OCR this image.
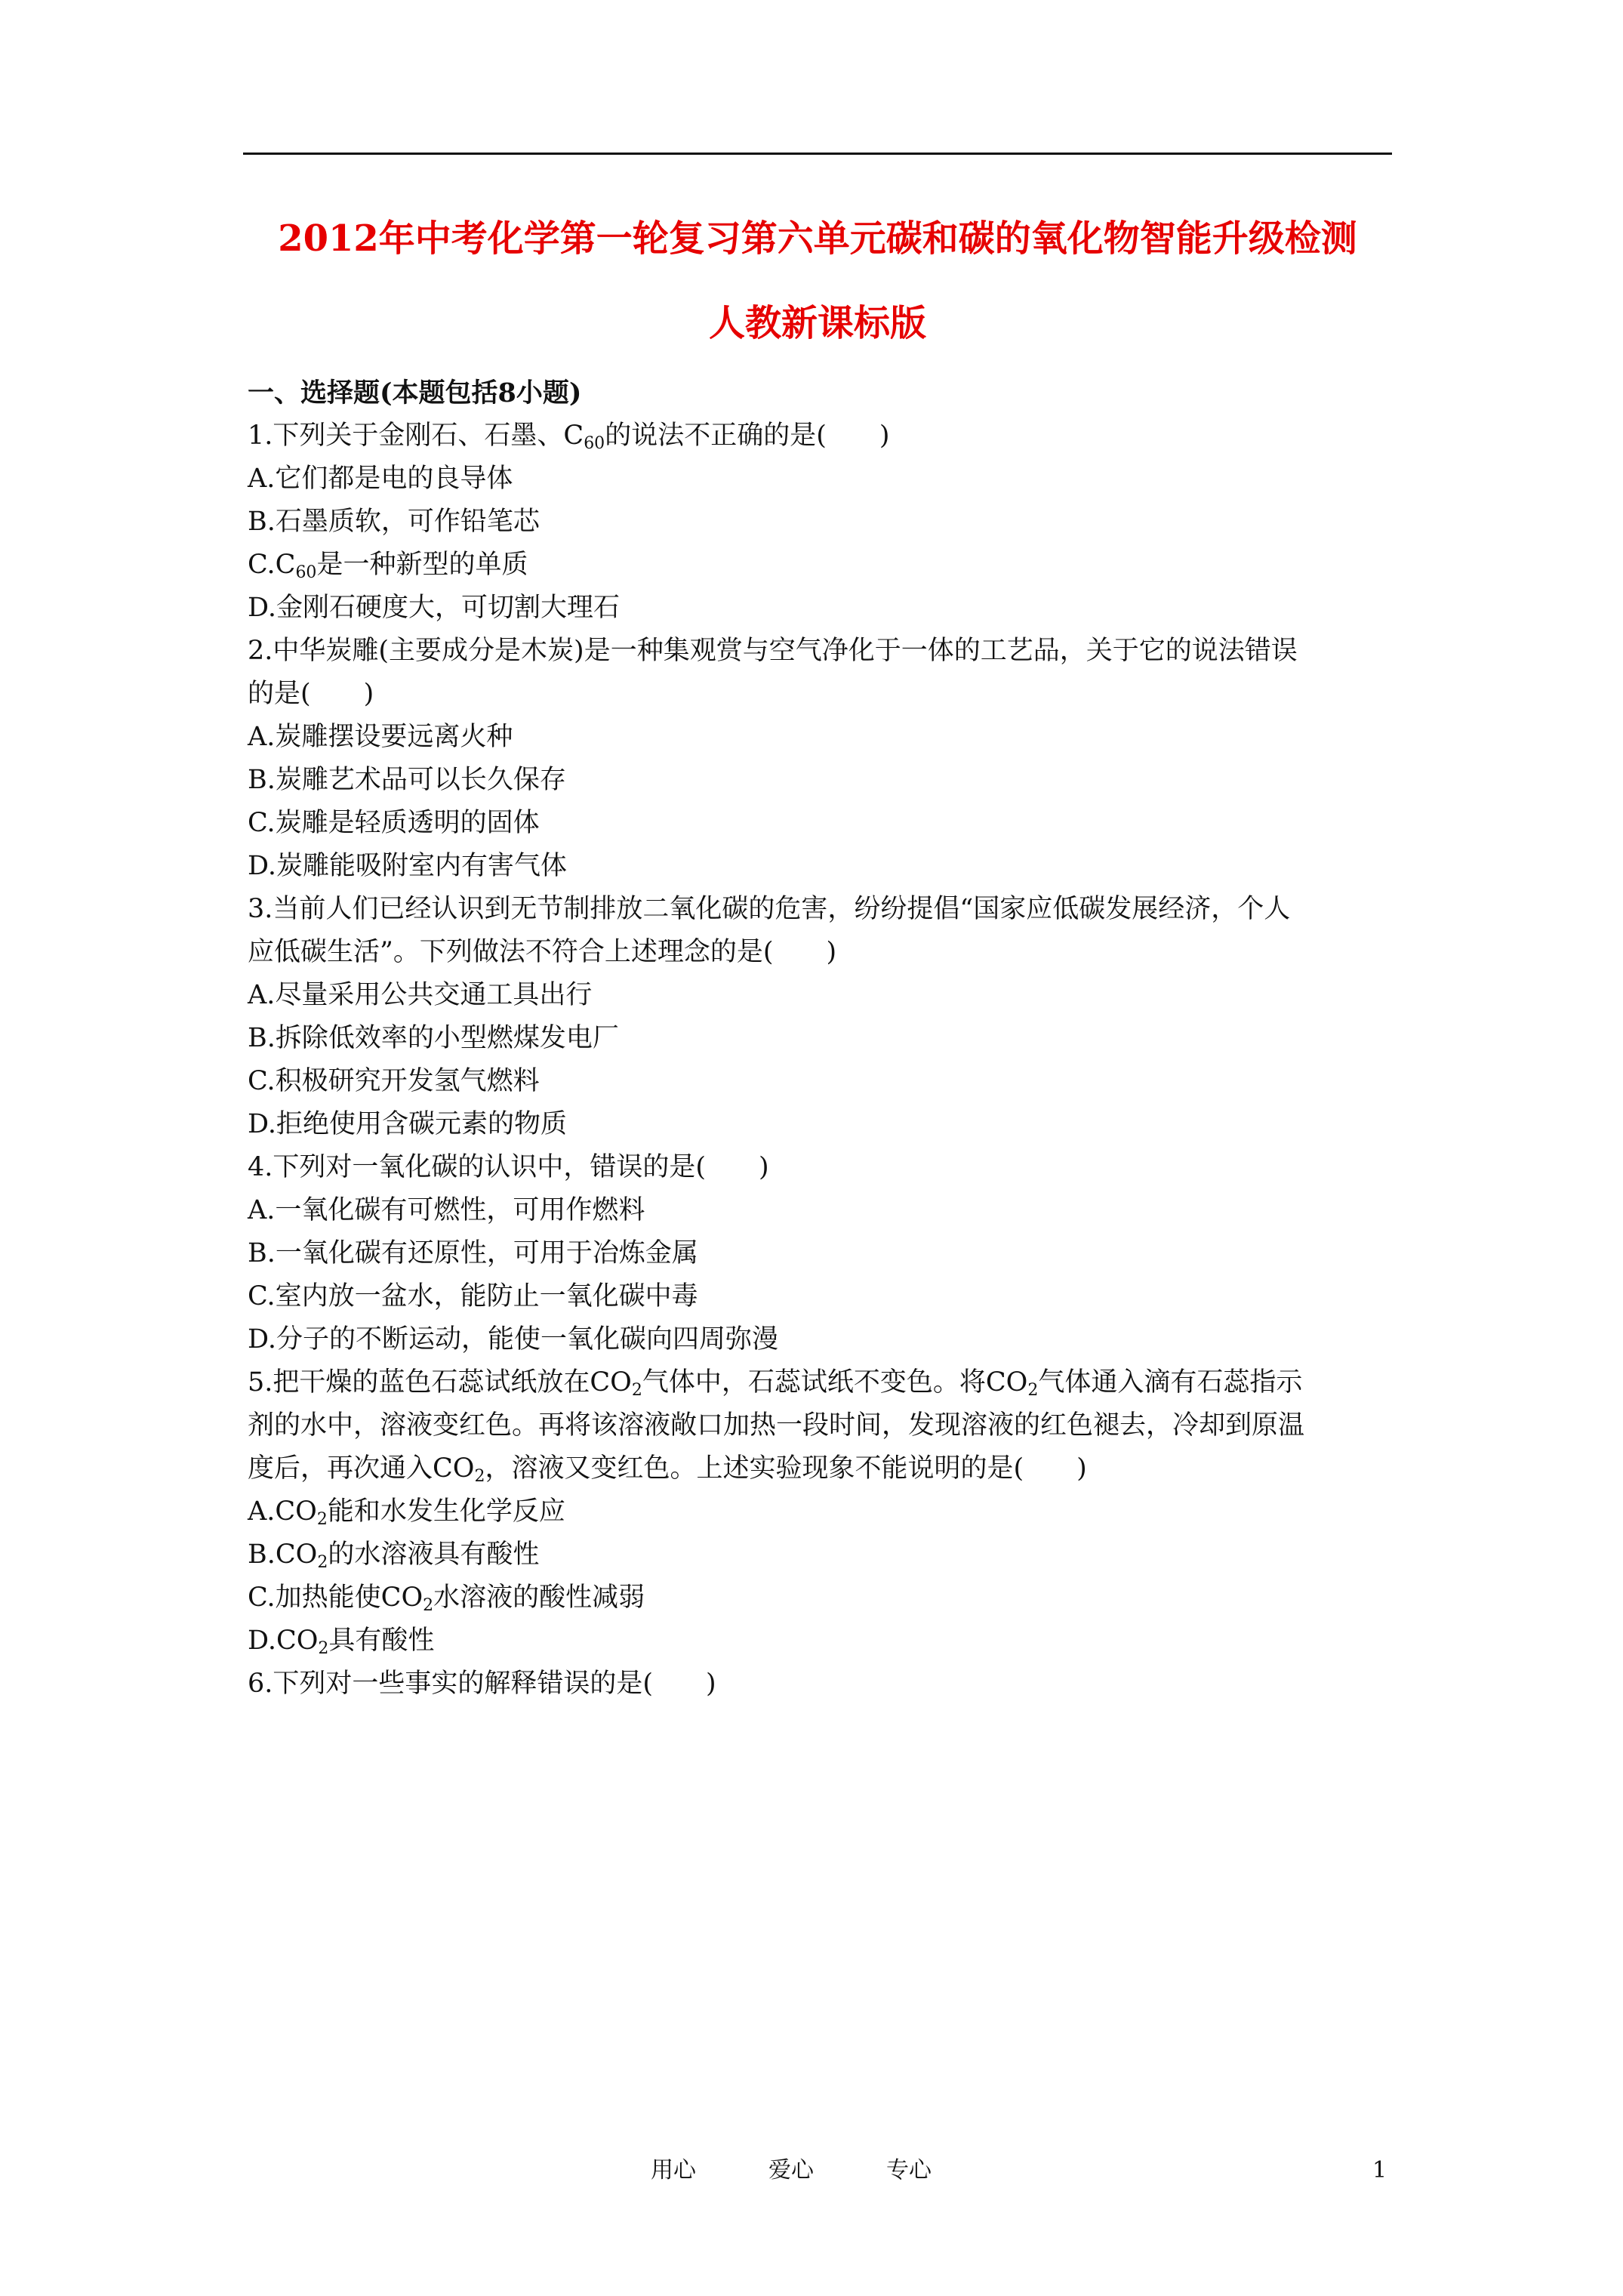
2012年中考化学第一轮复习第六单元碳和碳的氧化物智能升级检测
人教新课标版
一、选择题(本题包括8小题)
1.下列关于金刚石、石墨、$C_{60}$的说法不正确的是(　　)
A.它们都是电的良导体
B.石墨质软，可作铅笔芯
$C.C_{60}$是一种新型的单质
D.金刚石硬度大，可切割大理石
2.中华炭雕(主要成分是木炭)是一种集观赏与空气净化于一体的工艺品，关于它的说法错误
的是(　　)
A.炭雕摆设要远离火种
B.炭雕艺术品可以长久保存
C.炭雕是轻质透明的固体
D.炭雕能吸附室内有害气体
3.当前人们已经认识到无节制排放二氧化碳的危害，纷纷提倡“国家应低碳发展经济，个人
应低碳生活”。下列做法不符合上述理念的是(　　)
A.尽量采用公共交通工具出行
B.拆除低效率的小型燃煤发电厂
C.积极研究开发氢气燃料
D.拒绝使用含碳元素的物质
4.下列对一氧化碳的认识中，错误的是(　　)
A.一氧化碳有可燃性，可用作燃料
B.一氧化碳有还原性，可用于冶炼金属
C.室内放一盆水，能防止一氧化碳中毒
D.分子的不断运动，能使一氧化碳向四周弥漫
5.把干燥的蓝色石蕊试纸放在$CO_2$气体中，石蕊试纸不变色。将$CO_2$气体通入滴有石蕊指示
剂的水中，溶液变红色。再将该溶液敞口加热一段时间，发现溶液的红色褪去，冷却到原温
度后，再次通入$CO_2$，溶液又变红色。上述实验现象不能说明的是(　　)
$A.CO_2$能和水发生化学反应
$B.CO_2$的水溶液具有酸性
C.加热能使$CO_2$水溶液的酸性减弱
$D.CO_2$具有酸性
6.下列对一些事实的解释错误的是(　　)
用心	爱心	专心	1
